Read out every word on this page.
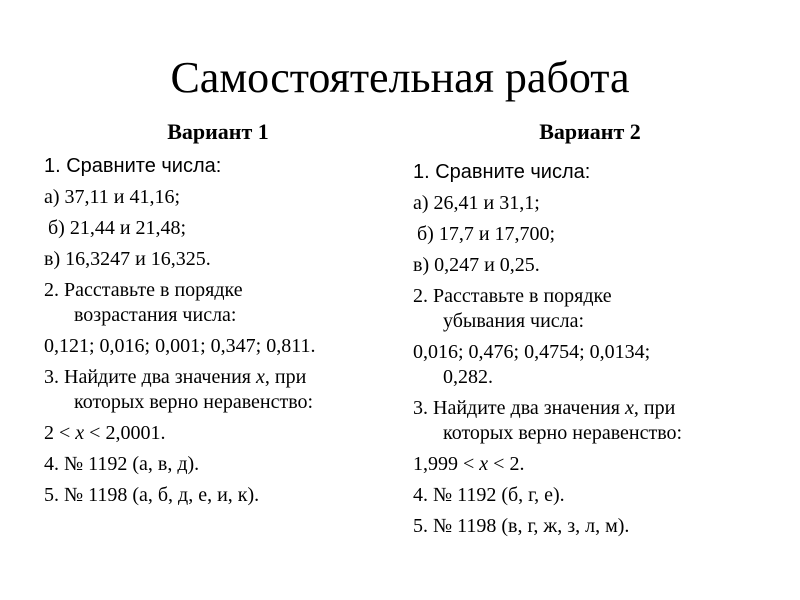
Самостоятельная работа
Вариант 1	Вариант 2

1. Сравните числа:

а) 37,11 и 41,16;

б) 21,44 и 21,48;

в) 16,3247 и 16,325.

2. Расставьте в порядке

возрастания числа:

0,121; 0,016; 0,001; 0,347; 0,811.

3. Найдите два значения x, при

которых верно неравенство:

2 < x < 2,0001.

4. № 1192 (а, в, д).

5. № 1198 (а, б, д, е, и, к).

1. Сравните числа:

а) 26,41 и 31,1;

б) 17,7 и 17,700;

в) 0,247 и 0,25.

2. Расставьте в порядке

убывания числа:

0,016; 0,476; 0,4754; 0,0134;

0,282.

3. Найдите два значения x, при

которых верно неравенство:

1,999 < x < 2.

4. № 1192 (б, г, е).

5. № 1198 (в, г, ж, з, л, м).
